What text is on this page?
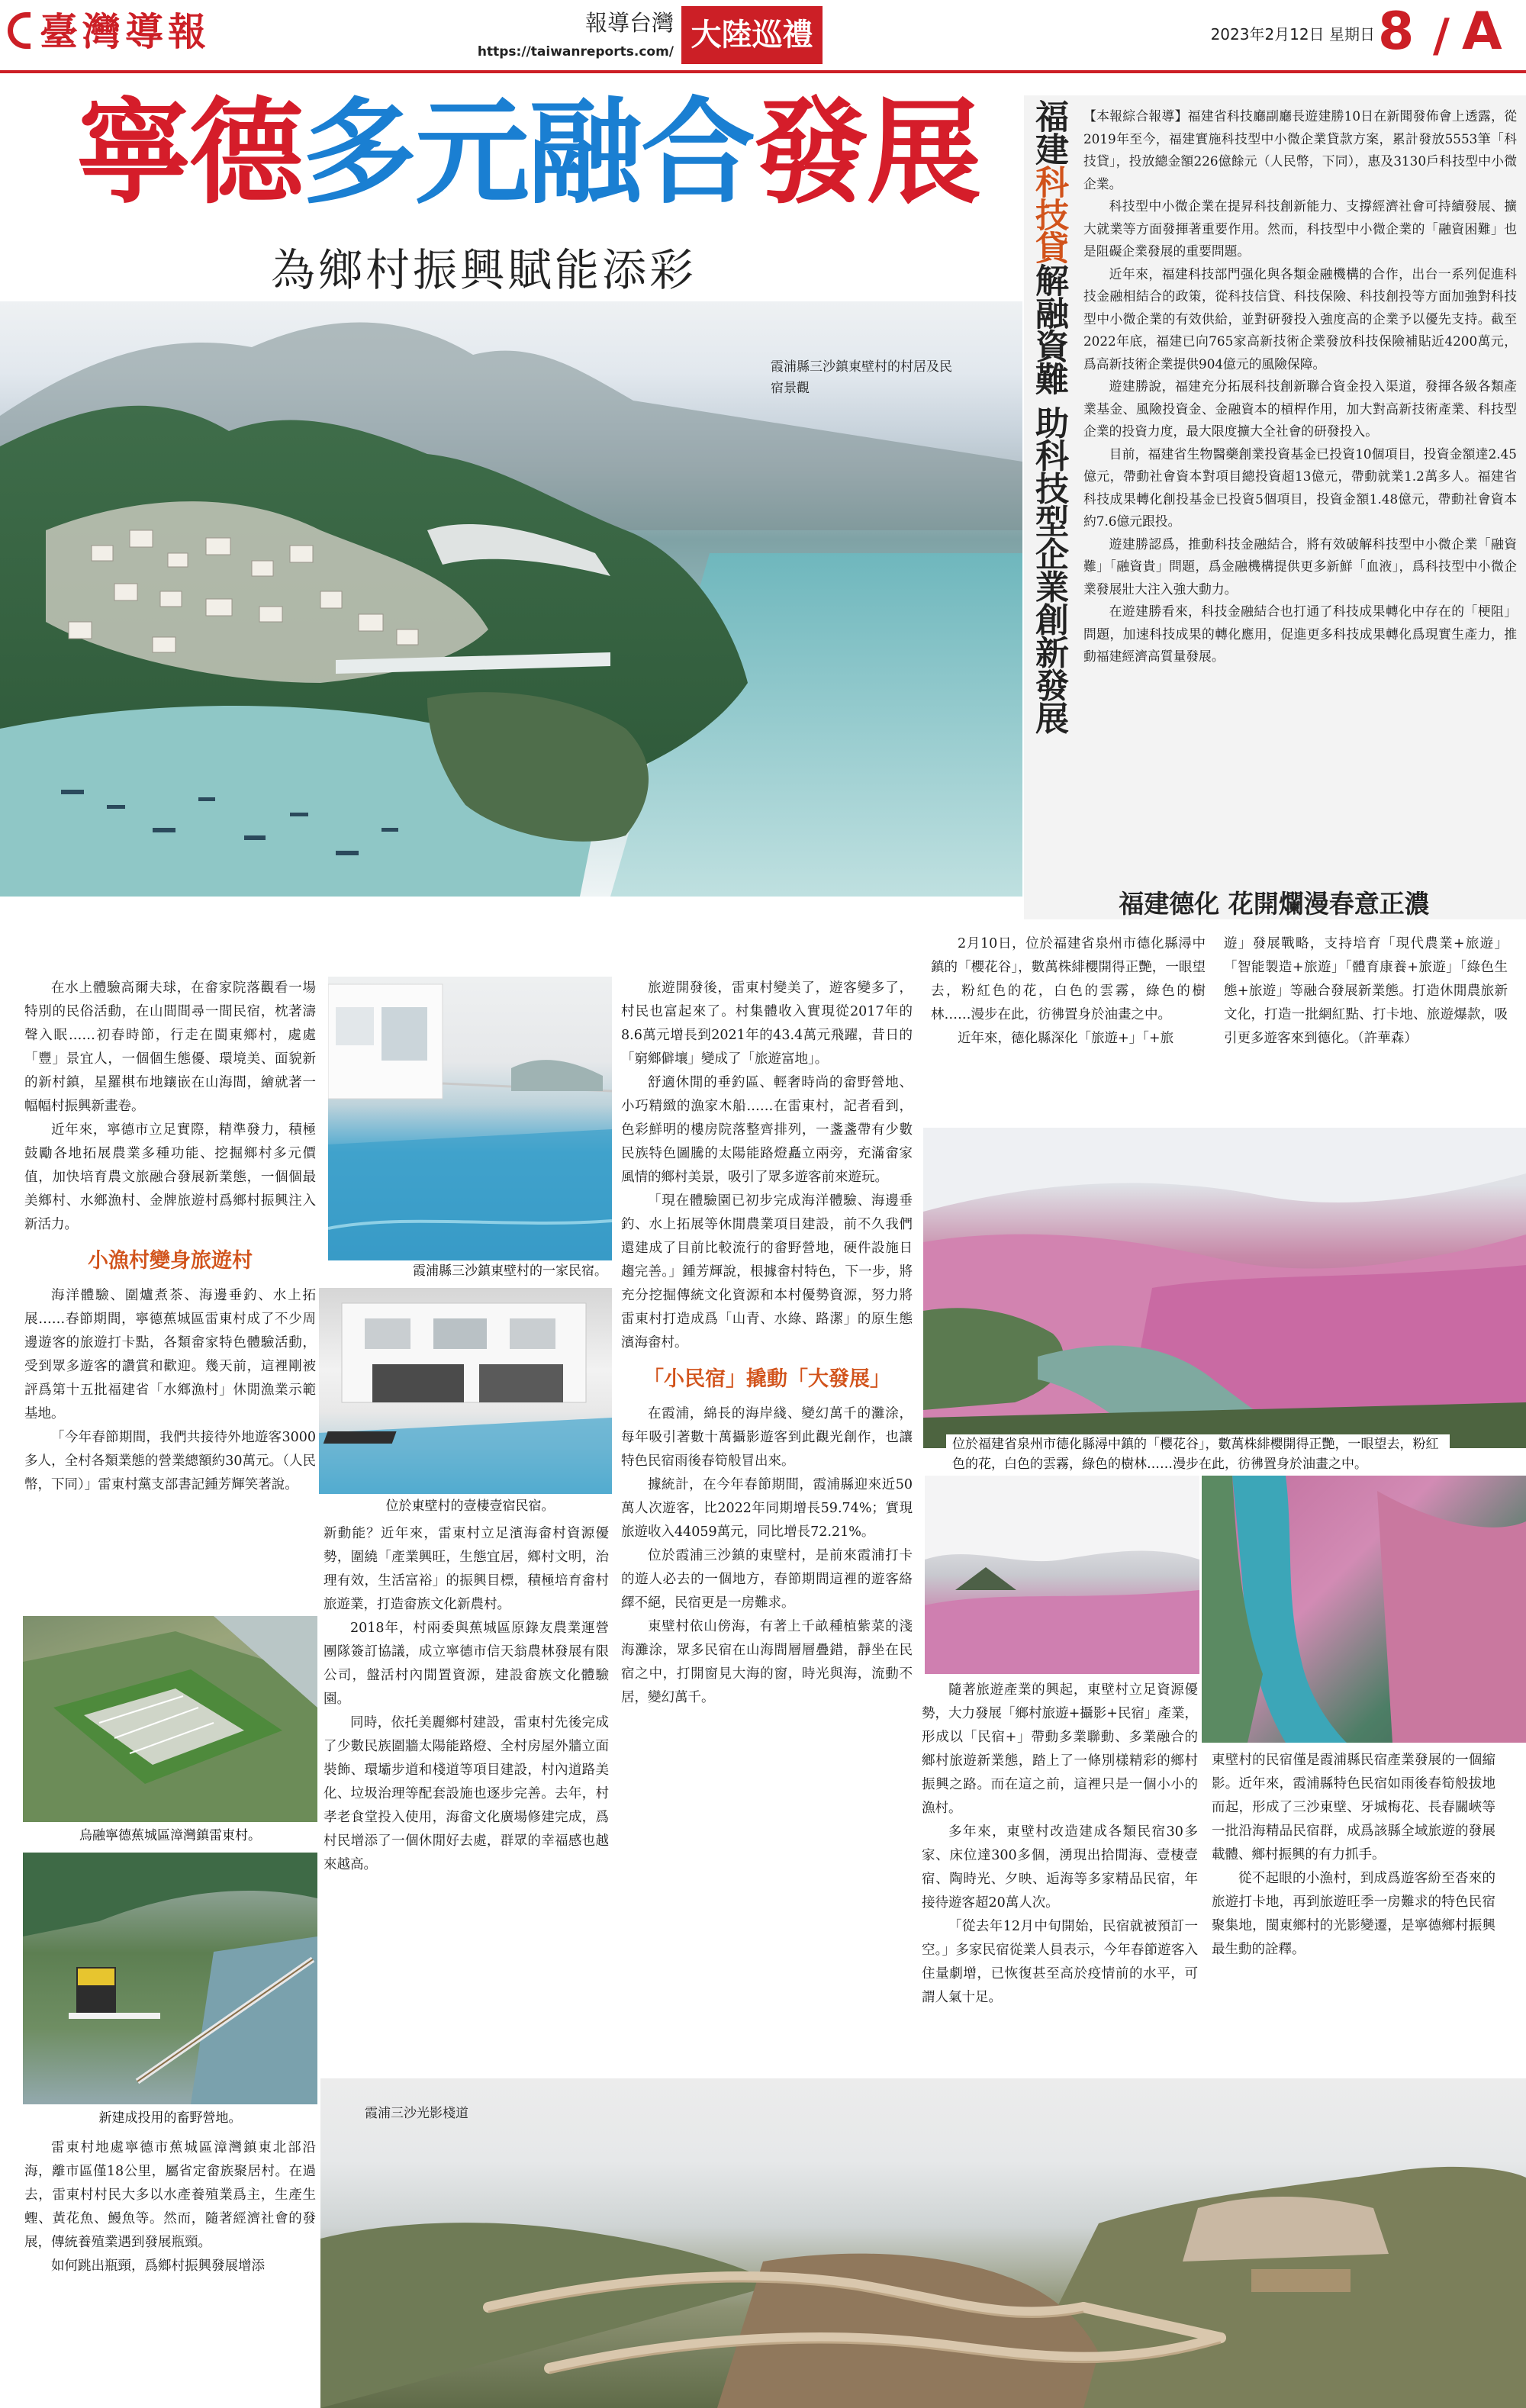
臺灣導報	報導台灣
https://taiwanreports.com/ 大陸巡禮	2023年2月12日 星期日 8 / A
寧德多元融合發展
為鄉村振興賦能添彩
霞浦縣三沙鎮東壁村的村居及民宿景觀
福建科技貸解融資難 助科技型企業創新發展

【本報綜合報導】福建省科技廳副廳長遊建勝10日在新聞發佈會上透露，從2019年至今，福建實施科技型中小微企業貸款方案，累計發放5553筆「科技貸」，投放總金額226億餘元（人民幣，下同），惠及3130戶科技型中小微企業。

科技型中小微企業在提昇科技創新能力、支撐經濟社會可持續發展、擴大就業等方面發揮著重要作用。然而，科技型中小微企業的「融資困難」也是阻礙企業發展的重要問題。

近年來，福建科技部門强化與各類金融機構的合作，出台一系列促進科技金融相結合的政策，從科技信貸、科技保險、科技創投等方面加強對科技型中小微企業的有效供給，並對研發投入強度高的企業予以優先支持。截至2022年底，福建已向765家高新技術企業發放科技保險補貼近4200萬元，爲高新技術企業提供904億元的風險保障。

遊建勝說，福建充分拓展科技創新聯合資金投入渠道，發揮各級各類產業基金、風險投資金、金融資本的槓桿作用，加大對高新技術產業、科技型企業的投資力度，最大限度擴大全社會的研發投入。

目前，福建省生物醫藥創業投資基金已投資10個項目，投資金額達2.45億元，帶動社會資本對項目總投資超13億元，帶動就業1.2萬多人。福建省科技成果轉化創投基金已投資5個項目，投資金額1.48億元，帶動社會資本約7.6億元跟投。

遊建勝認爲，推動科技金融結合，將有效破解科技型中小微企業「融資難」「融資貴」問題，爲金融機構提供更多新鮮「血液」，爲科技型中小微企業發展壯大注入強大動力。

在遊建勝看來，科技金融結合也打通了科技成果轉化中存在的「梗阻」問題，加速科技成果的轉化應用，促進更多科技成果轉化爲現實生產力，推動福建經濟高質量發展。

福建德化 花開爛漫春意正濃

2月10日，位於福建省泉州市德化縣潯中鎮的「櫻花谷」，數萬株緋櫻開得正艷，一眼望去，粉紅色的花，白色的雲霧，綠色的樹林……漫步在此，彷彿置身於油畫之中。

近年來，德化縣深化「旅遊+」「+旅

遊」發展戰略，支持培育「現代農業+旅遊」「智能製造+旅遊」「體育康養+旅遊」「綠色生態+旅遊」等融合發展新業態。打造休閒農旅新文化，打造一批網紅點、打卡地、旅遊爆款，吸引更多遊客來到德化。（許華森）

在水上體驗高爾夫球，在畲家院落觀看一場特別的民俗活動，在山間間尋一間民宿，枕著濤聲入眠……初春時節，行走在閩東鄉村，處處「豐」景宜人，一個個生態優、環境美、面貌新的新村鎮，星羅棋布地鑲嵌在山海間，繪就著一幅幅村振興新畫卷。

近年來，寧德市立足實際，精準發力，積極鼓勵各地拓展農業多種功能、挖掘鄉村多元價值，加快培育農文旅融合發展新業態，一個個最美鄉村、水鄉漁村、金牌旅遊村爲鄉村振興注入新活力。

小漁村變身旅遊村

海洋體驗、圍爐煮茶、海邊垂釣、水上拓展……春節期間，寧德蕉城區雷東村成了不少周邊遊客的旅遊打卡點，各類畲家特色體驗活動，受到眾多遊客的讚賞和歡迎。幾天前，這裡剛被評爲第十五批福建省「水鄉漁村」休閒漁業示範基地。

「今年春節期間，我們共接待外地遊客3000多人，全村各類業態的營業總額約30萬元。（人民幣，下同）」雷東村黨支部書記鍾芳輝笑著說。

烏融寧德蕉城區漳灣鎮雷東村。
新建成投用的畜野營地。

雷東村地處寧德市蕉城區漳灣鎮東北部沿海，離市區僅18公里，屬省定畲族聚居村。在過去，雷東村村民大多以水產養殖業爲主，生產生蟶、黃花魚、鰻魚等。然而，隨著經濟社會的發展，傳統養殖業遇到發展瓶頸。

如何跳出瓶頸，爲鄉村振興發展增添

霞浦縣三沙鎮東壁村的一家民宿。
位於東壁村的壹棲壹宿民宿。

新動能？近年來，雷東村立足濱海畲村資源優勢，圍繞「產業興旺，生態宜居，鄉村文明，治理有效，生活富裕」的振興目標，積極培育畲村旅遊業，打造畲族文化新農村。

2018年，村兩委與蕉城區原錄友農業運營團隊簽訂協議，成立寧德市信天翁農林發展有限公司，盤活村內閒置資源，建設畲族文化體驗園。

同時，依托美麗鄉村建設，雷東村先後完成了少數民族圍牆太陽能路燈、全村房屋外牆立面裝飾、環壩步道和棧道等項目建設，村內道路美化、垃圾治理等配套設施也逐步完善。去年，村孝老食堂投入使用，海畲文化廣場修建完成，爲村民增添了一個休閒好去處，群眾的幸福感也越來越高。

旅遊開發後，雷東村變美了，遊客變多了，村民也富起來了。村集體收入實現從2017年的8.6萬元增長到2021年的43.4萬元飛躍，昔日的「窮鄉僻壤」變成了「旅遊富地」。

舒適休閒的垂釣區、輕奢時尚的畲野營地、小巧精緻的漁家木船……在雷東村，記者看到，色彩鮮明的樓房院落整齊排列，一盞盞帶有少數民族特色圖騰的太陽能路燈矗立兩旁，充滿畲家風情的鄉村美景，吸引了眾多遊客前來遊玩。

「現在體驗園已初步完成海洋體驗、海邊垂釣、水上拓展等休閒農業項目建設，前不久我們還建成了目前比較流行的畲野營地，硬件設施日趨完善。」鍾芳輝說，根據畲村特色，下一步，將充分挖掘傳統文化資源和本村優勢資源，努力將雷東村打造成爲「山青、水綠、路潔」的原生態濱海畲村。

「小民宿」撬動「大發展」

在霞浦，綿長的海岸綫、變幻萬千的灘涂，每年吸引著數十萬攝影遊客到此觀光創作，也讓特色民宿雨後春筍般冒出來。

據統計，在今年春節期間，霞浦縣迎來近50萬人次遊客，比2022年同期增長59.74%；實現旅遊收入44059萬元，同比增長72.21%。

位於霞浦三沙鎮的東壁村，是前來霞浦打卡的遊人必去的一個地方，春節期間這裡的遊客絡繹不絕，民宿更是一房難求。

東壁村依山傍海，有著上千畝種植紫菜的淺海灘涂，眾多民宿在山海間層層疊錯，靜坐在民宿之中，打開窗見大海的窗，時光與海，流動不居，變幻萬千。

位於福建省泉州市德化縣潯中鎮的「櫻花谷」，數萬株緋櫻開得正艷，一眼望去，粉紅色的花，白色的雲霧，綠色的樹林……漫步在此，彷彿置身於油畫之中。

隨著旅遊產業的興起，東壁村立足資源優勢，大力發展「鄉村旅遊+攝影+民宿」產業，形成以「民宿+」帶動多業聯動、多業融合的鄉村旅遊新業態，踏上了一條別樣精彩的鄉村振興之路。而在這之前，這裡只是一個小小的漁村。

多年來，東壁村改造建成各類民宿30多家、床位達300多個，湧現出拾閒海、壹棲壹宿、陶時光、夕映、逅海等多家精品民宿，年接待遊客超20萬人次。

「從去年12月中旬開始，民宿就被預訂一空。」多家民宿從業人員表示，今年春節遊客入住量劇增，已恢復甚至高於疫情前的水平，可謂人氣十足。

東壁村的民宿僅是霞浦縣民宿產業發展的一個縮影。近年來，霞浦縣特色民宿如雨後春筍般拔地而起，形成了三沙東壁、牙城梅花、長春關峽等一批沿海精品民宿群，成爲該縣全域旅遊的發展載體、鄉村振興的有力抓手。

從不起眼的小漁村，到成爲遊客紛至沓來的旅遊打卡地，再到旅遊旺季一房難求的特色民宿聚集地，閩東鄉村的光影變遷，是寧德鄉村振興最生動的詮釋。

霞浦三沙光影棧道
